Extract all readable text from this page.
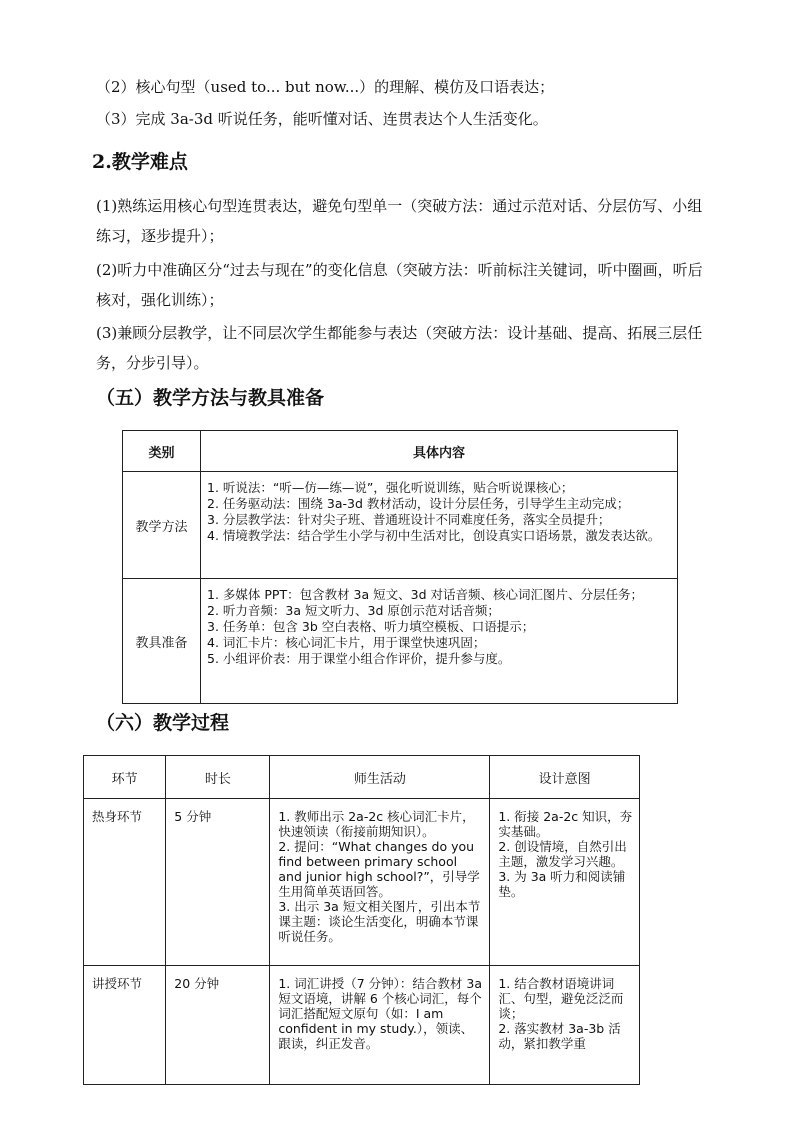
（2）核心句型（used to... but now...）的理解、模仿及口语表达；
（3）完成 3a-3d 听说任务，能听懂对话、连贯表达个人生活变化。
2.教学难点
(1)熟练运用核心句型连贯表达，避免句型单一（突破方法：通过示范对话、分层仿写、小组练习，逐步提升）；
(2)听力中准确区分“过去与现在”的变化信息（突破方法：听前标注关键词，听中圈画，听后核对，强化训练）；
(3)兼顾分层教学，让不同层次学生都能参与表达（突破方法：设计基础、提高、拓展三层任务，分步引导）。
（五）教学方法与教具准备
类别	具体内容
教学方法	1. 听说法：“听—仿—练—说”，强化听说训练，贴合听说课核心；
2. 任务驱动法：围绕 3a-3d 教材活动，设计分层任务，引导学生主动完成；
3. 分层教学法：针对尖子班、普通班设计不同难度任务，落实全员提升；
4. 情境教学法：结合学生小学与初中生活对比，创设真实口语场景，激发表达欲。

教具准备	1. 多媒体 PPT：包含教材 3a 短文、3d 对话音频、核心词汇图片、分层任务；
2. 听力音频：3a 短文听力、3d 原创示范对话音频；
3. 任务单：包含 3b 空白表格、听力填空模板、口语提示；
4. 词汇卡片：核心词汇卡片，用于课堂快速巩固；
5. 小组评价表：用于课堂小组合作评价，提升参与度。
（六）教学过程
环节	时长	师生活动	设计意图
热身环节	5 分钟	1. 教师出示 2a-2c 核心词汇卡片，快速领读（衔接前期知识）。
2. 提问：“What changes do you find between primary school and junior high school?”，引导学生用简单英语回答。
3. 出示 3a 短文相关图片，引出本节课主题：谈论生活变化，明确本节课听说任务。	1. 衔接 2a-2c 知识，夯实基础。
2. 创设情境，自然引出主题，激发学习兴趣。
3. 为 3a 听力和阅读铺垫。

讲授环节	20 分钟	1. 词汇讲授（7 分钟）：结合教材 3a 短文语境，讲解 6 个核心词汇，每个词汇搭配短文原句（如：I am confident in my study.），领读、跟读，纠正发音。	1. 结合教材语境讲词汇、句型，避免泛泛而谈；
2. 落实教材 3a-3b 活动，紧扣教学重
